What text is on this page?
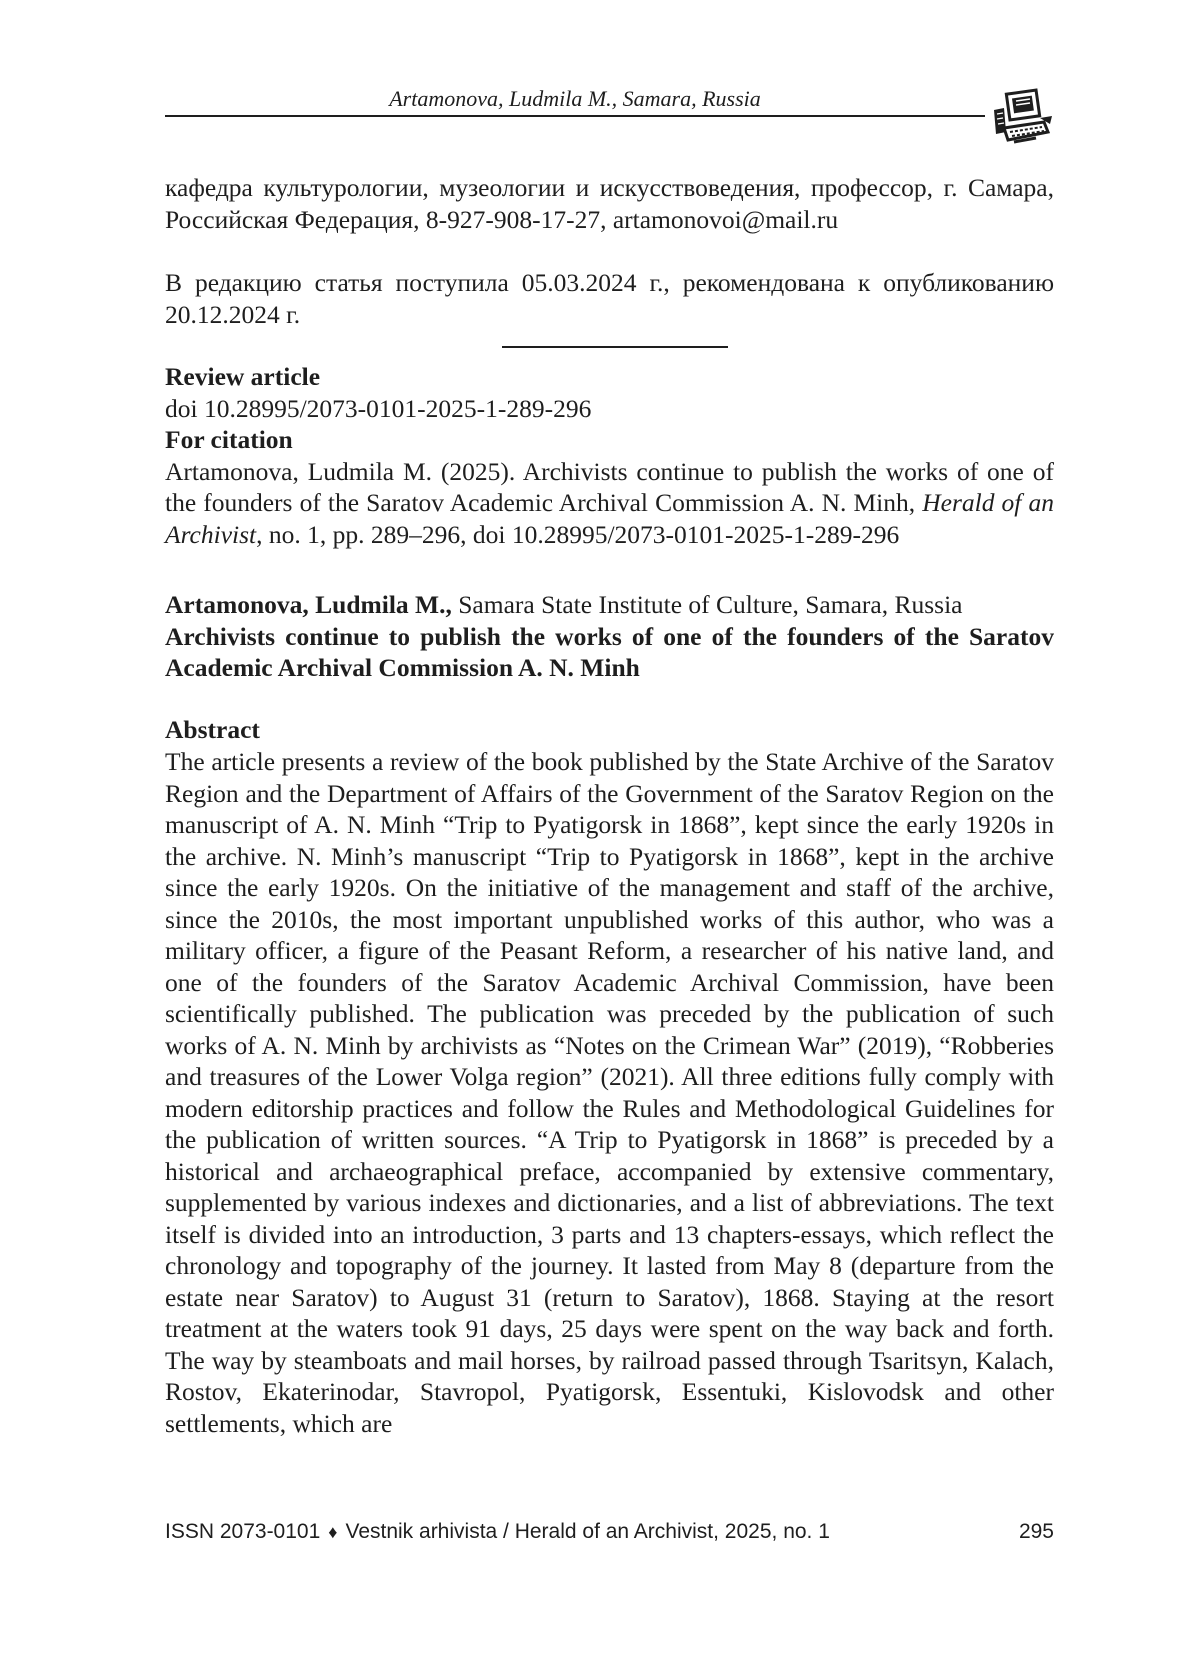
Artamonova, Ludmila M., Samara, Russia
кафедра культурологии, музеологии и искусствоведения, профессор, г. Самара, Российская Федерация, 8-927-908-17-27, artamonovoi@mail.ru
В редакцию статья поступила 05.03.2024 г., рекомендована к опубликованию 20.12.2024 г.
Review article
doi 10.28995/2073-0101-2025-1-289-296
For citation
Artamonova, Ludmila M. (2025). Archivists continue to publish the works of one of the founders of the Saratov Academic Archival Commission A. N. Minh, Herald of an Archivist, no. 1, pp. 289–296, doi 10.28995/2073-0101-2025-1-289-296
Artamonova, Ludmila M., Samara State Institute of Culture, Samara, Russia
Archivists continue to publish the works of one of the founders of the Saratov Academic Archival Commission A. N. Minh
Abstract
The article presents a review of the book published by the State Archive of the Saratov Region and the Department of Affairs of the Government of the Saratov Region on the manuscript of A. N. Minh “Trip to Pyatigorsk in 1868”, kept since the early 1920s in the archive. N. Minh’s manuscript “Trip to Pyatigorsk in 1868”, kept in the archive since the early 1920s. On the initiative of the management and staff of the archive, since the 2010s, the most important unpublished works of this author, who was a military officer, a figure of the Peasant Reform, a researcher of his native land, and one of the founders of the Saratov Academic Archival Commission, have been scientifically published. The publication was preceded by the publication of such works of A. N. Minh by archivists as “Notes on the Crimean War” (2019), “Robberies and treasures of the Lower Volga region” (2021). All three editions fully comply with modern editorship practices and follow the Rules and Methodological Guidelines for the publication of written sources. “A Trip to Pyatigorsk in 1868” is preceded by a historical and archaeographical preface, accompanied by extensive commentary, supplemented by various indexes and dictionaries, and a list of abbreviations. The text itself is divided into an introduction, 3 parts and 13 chapters-essays, which reflect the chronology and topography of the journey. It lasted from May 8 (departure from the estate near Saratov) to August 31 (return to Saratov), 1868. Staying at the resort treatment at the waters took 91 days, 25 days were spent on the way back and forth. The way by steamboats and mail horses, by railroad passed through Tsaritsyn, Kalach, Rostov, Ekaterinodar, Stavropol, Pyatigorsk, Essentuki, Kislovodsk and other settlements, which are
ISSN 2073-0101 ♦ Vestnik arhivista / Herald of an Archivist, 2025, no. 1	295
